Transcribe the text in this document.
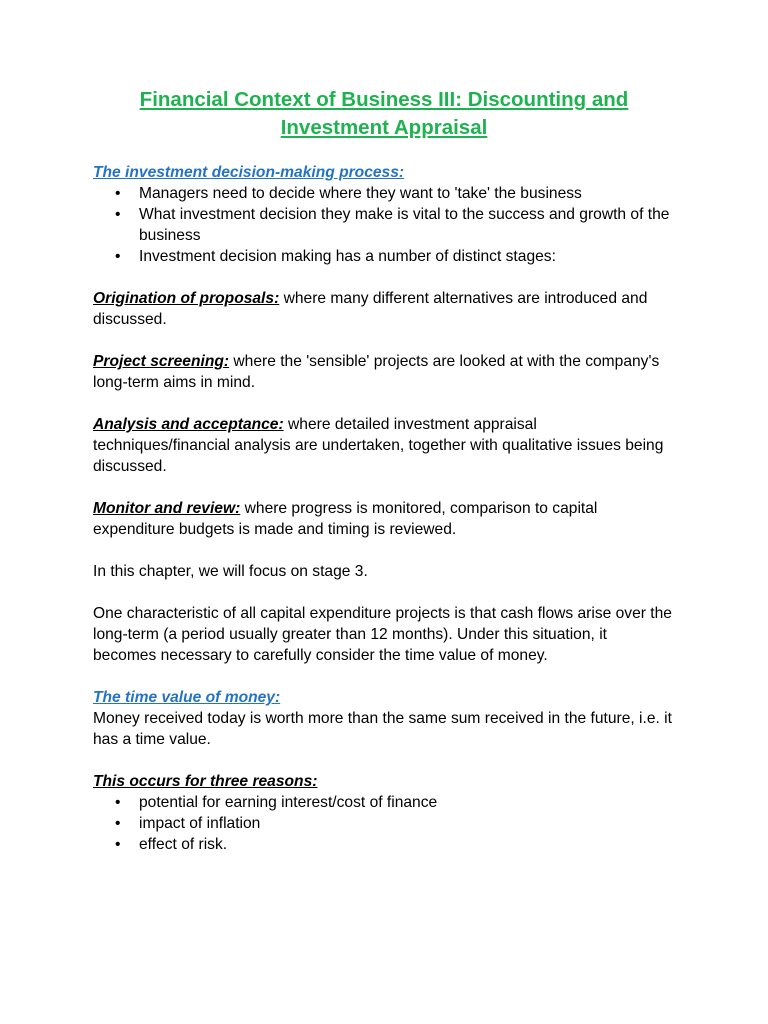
Financial Context of Business III: Discounting and
Investment Appraisal

The investment decision-making process:

• Managers need to decide where they want to 'take' the business
• What investment decision they make is vital to the success and growth of the business
• Investment decision making has a number of distinct stages:

Origination of proposals: where many different alternatives are introduced and discussed.

Project screening: where the 'sensible' projects are looked at with the company's long-term aims in mind.

Analysis and acceptance: where detailed investment appraisal techniques/financial analysis are undertaken, together with qualitative issues being discussed.

Monitor and review: where progress is monitored, comparison to capital expenditure budgets is made and timing is reviewed.

In this chapter, we will focus on stage 3.

One characteristic of all capital expenditure projects is that cash flows arise over the long-term (a period usually greater than 12 months). Under this situation, it becomes necessary to carefully consider the time value of money.

The time value of money:

Money received today is worth more than the same sum received in the future, i.e. it has a time value.

This occurs for three reasons:

• potential for earning interest/cost of finance
• impact of inflation
• effect of risk.
